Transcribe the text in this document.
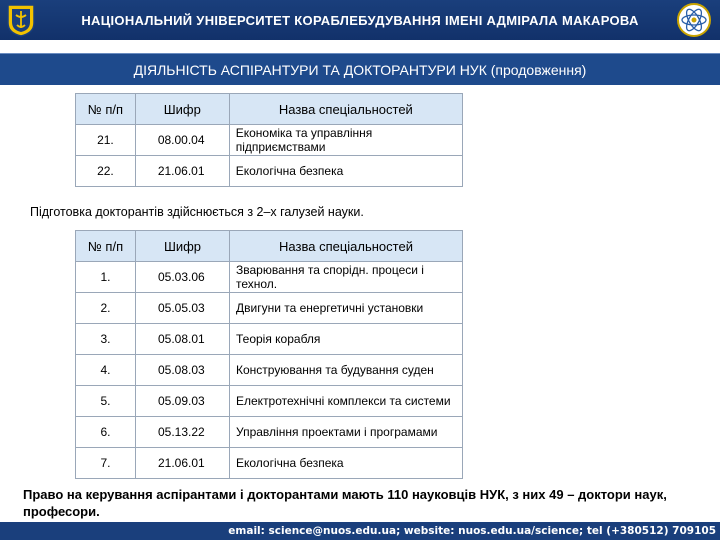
НАЦІОНАЛЬНИЙ УНІВЕРСИТЕТ КОРАБЛЕБУДУВАННЯ ІМЕНІ АДМІРАЛА МАКАРОВА
ДІЯЛЬНІСТЬ АСПІРАНТУРИ ТА ДОКТОРАНТУРИ НУК (продовження)
№ п/п	Шифр	Назва спеціальностей
21.	08.00.04	Економіка та управління підприємствами
22.	21.06.01	Екологічна безпека
Підготовка докторантів здійснюється з 2–х галузей науки.
№ п/п	Шифр	Назва спеціальностей
1.	05.03.06	Зварювання та спорідн. процеси і технол.
2.	05.05.03	Двигуни та енергетичні установки
3.	05.08.01	Теорія корабля
4.	05.08.03	Конструювання та будування суден
5.	05.09.03	Електротехнічні комплекси та системи
6.	05.13.22	Управління проектами і програмами
7.	21.06.01	Екологічна безпека
Право на керування аспірантами і докторантами мають 110 науковців НУК, з них 49 – доктори наук, професори.
email: science@nuos.edu.ua; website: nuos.edu.ua/science; tel (+380512) 709105
